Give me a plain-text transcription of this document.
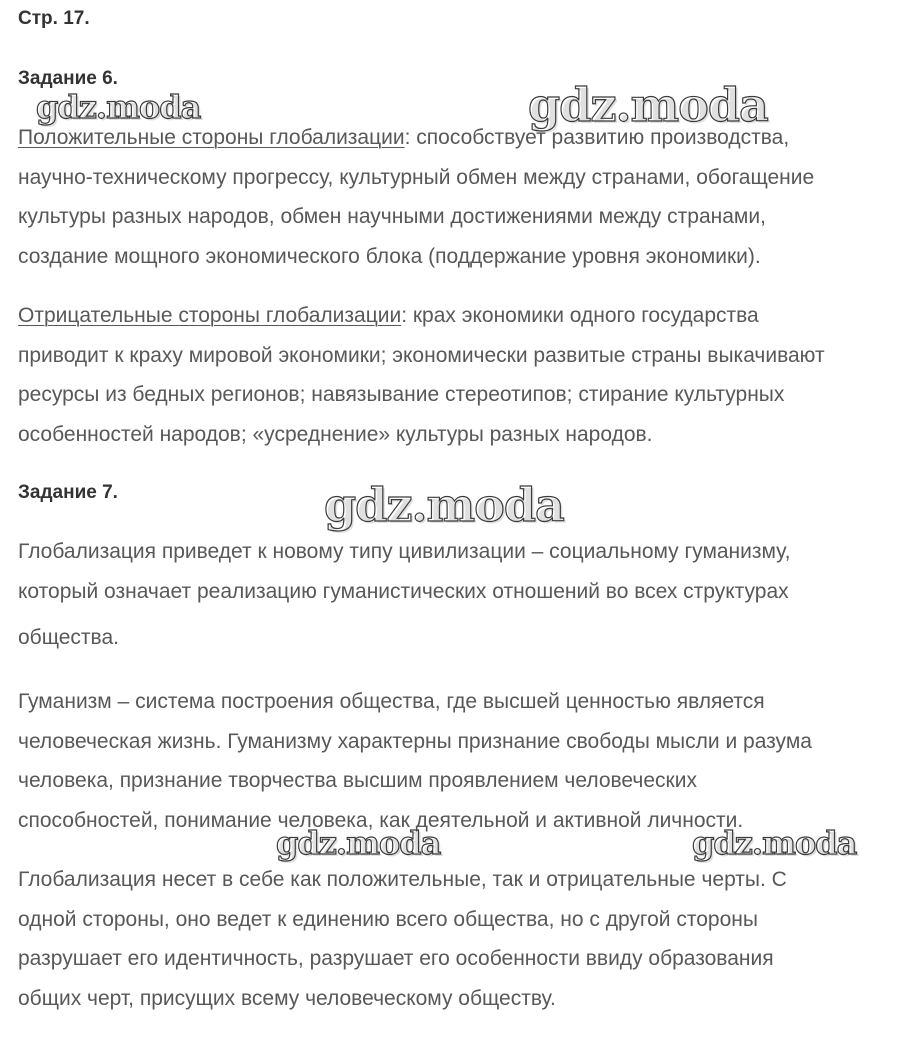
Стр. 17.
Задание 6.
Положительные стороны глобализации: способствует развитию производства,
научно-техническому прогрессу, культурный обмен между странами, обогащение
культуры разных народов, обмен научными достижениями между странами,
создание мощного экономического блока (поддержание уровня экономики).
Отрицательные стороны глобализации: крах экономики одного государства
приводит к краху мировой экономики; экономически развитые страны выкачивают
ресурсы из бедных регионов; навязывание стереотипов; стирание культурных
особенностей народов; «усреднение» культуры разных народов.
Задание 7.
Глобализация приведет к новому типу цивилизации – социальному гуманизму,
который означает реализацию гуманистических отношений во всех структурах
общества.
Гуманизм – система построения общества, где высшей ценностью является
человеческая жизнь. Гуманизму характерны признание свободы мысли и разума
человека, признание творчества высшим проявлением человеческих
способностей, понимание человека, как деятельной и активной личности.
Глобализация несет в себе как положительные, так и отрицательные черты. С
одной стороны, оно ведет к единению всего общества, но с другой стороны
разрушает его идентичность, разрушает его особенности ввиду образования
общих черт, присущих всему человеческому обществу.
gdz.moda	gdz.moda
gdz.moda
gdz.moda	gdz.moda
